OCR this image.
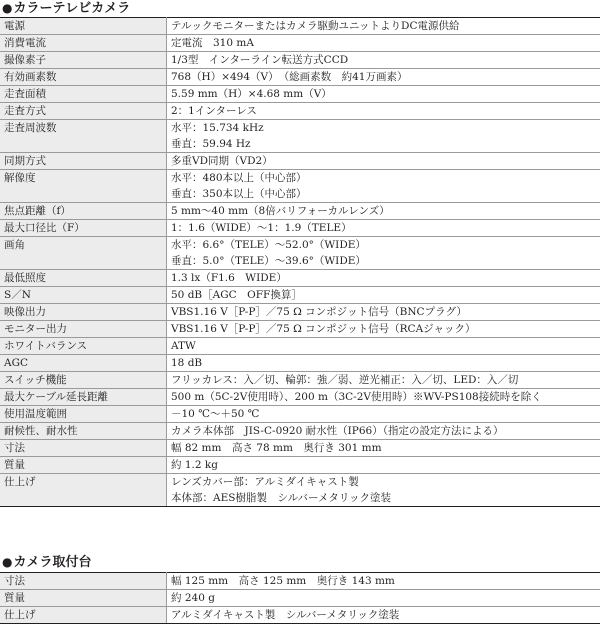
●カラーテレビカメラ
電源	テルックモニターまたはカメラ駆動ユニットよりDC電源供給

消費電流	定電流　310 mA

撮像素子	1/3型　インターライン転送方式CCD

有効画素数	768（H）×494（V）　（総画素数　約41万画素）

走査面積	5.59 mm（H）×4.68 mm（V）

走査方式	2：1インターレス

走査周波数	水平：15.734 kHz
垂直：59.94 Hz

同期方式	多重VD同期（VD2）

解像度	水平：480本以上（中心部）
垂直：350本以上（中心部）

焦点距離（f）	5 mm〜40 mm（8倍バリフォーカルレンズ）

最大口径比（F）	1：1.6（WIDE）〜1：1.9（TELE）

画角	水平：6.6°（TELE）〜52.0°（WIDE）
垂直：5.0°（TELE）〜39.6°（WIDE）

最低照度	1.3 lx（F1.6　WIDE）

S／N	50 dB［AGC　OFF換算］

映像出力	VBS1.16 V［P-P］／75 Ω コンポジット信号（BNCプラグ）

モニター出力	VBS1.16 V［P-P］／75 Ω コンポジット信号（RCAジャック）

ホワイトバランス	ATW

AGC	18 dB

スイッチ機能	フリッカレス：入／切、輪郭：強／弱、逆光補正：入／切、LED：入／切

最大ケーブル延長距離	500 m（5C-2V使用時）、200 m（3C-2V使用時）※WV-PS108接続時を除く

使用温度範囲	－10 ℃〜＋50 ℃

耐候性、耐水性	カメラ本体部　JIS-C-0920 耐水性（IP66）（指定の設定方法による）

寸法	幅 82 mm　高さ 78 mm　奥行き 301 mm

質量	約 1.2 kg

仕上げ	レンズカバー部：アルミダイキャスト製
本体部：AES樹脂製　シルバーメタリック塗装
●カメラ取付台
寸法	幅 125 mm　高さ 125 mm　奥行き 143 mm

質量	約 240 g

仕上げ	アルミダイキャスト製　シルバーメタリック塗装
